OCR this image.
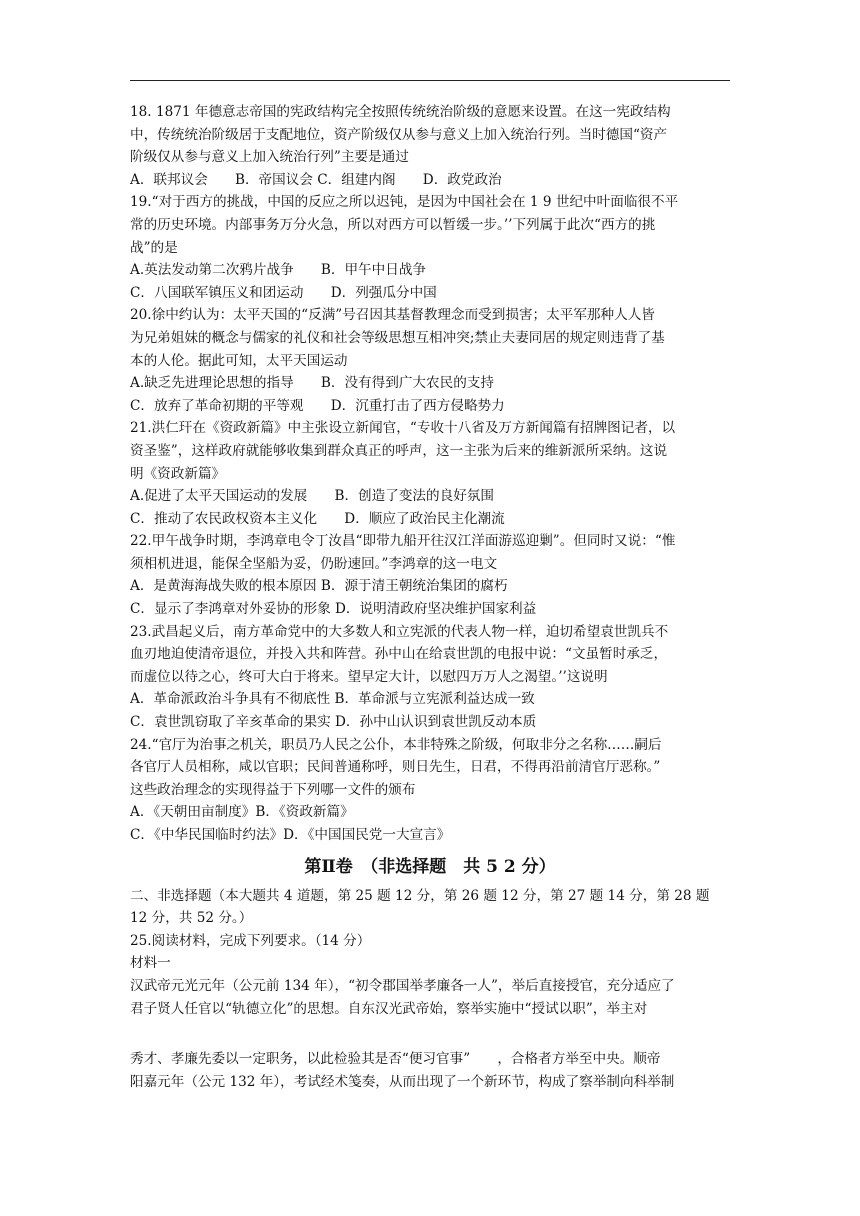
18. 1871 年德意志帝国的宪政结构完全按照传统统治阶级的意愿来设置。在这一宪政结构
中，传统统治阶级居于支配地位，资产阶级仅从参与意义上加入统治行列。当时德国“资产
阶级仅从参与意义上加入统治行列”主要是通过
A．联邦议会　　B．帝国议会 C．组建内阁　　D．政党政治
19.“对于西方的挑战，中国的反应之所以迟钝，是因为中国社会在 1 9 世纪中叶面临很不平
常的历史环境。内部事务万分火急，所以对西方可以暂缓一步。’’下列属于此次“西方的挑
战”的是
A.英法发动第二次鸦片战争　　B．甲午中日战争
C．八国联军镇压义和团运动　　D．列强瓜分中国
20.徐中约认为：太平天国的“反满”号召因其基督教理念而受到损害；太平军那种人人皆
为兄弟姐妹的概念与儒家的礼仪和社会等级思想互相冲突;禁止夫妻同居的规定则违背了基
本的人伦。据此可知，太平天国运动
A.缺乏先进理论思想的指导　　B．没有得到广大农民的支持
C．放弃了革命初期的平等观　　D．沉重打击了西方侵略势力
21.洪仁玕在《资政新篇》中主张设立新闻官，“专收十八省及万方新闻篇有招牌图记者，以
资圣鉴”，这样政府就能够收集到群众真正的呼声，这一主张为后来的维新派所采纳。这说
明《资政新篇》
A.促进了太平天国运动的发展　　B．创造了变法的良好氛围
C．推动了农民政权资本主义化　　D．顺应了政治民主化潮流
22.甲午战争时期，李鸿章电令丁汝昌“即带九船开往汉江洋面游巡迎剿”。但同时又说：“惟
须相机进退，能保全坚船为妥，仍盼速回。”李鸿章的这一电文
A．是黄海海战失败的根本原因 B．源于清王朝统治集团的腐朽
C．显示了李鸿章对外妥协的形象 D．说明清政府坚决维护国家利益
23.武昌起义后，南方革命党中的大多数人和立宪派的代表人物一样，迫切希望袁世凯兵不
血刃地迫使清帝退位，并投入共和阵营。孙中山在给袁世凯的电报中说：“文虽暂时承乏，
而虚位以待之心，终可大白于将来。望早定大计，以慰四万万人之渴望。’’这说明
A．革命派政治斗争具有不彻底性 B．革命派与立宪派利益达成一致
C．袁世凯窃取了辛亥革命的果实 D．孙中山认识到袁世凯反动本质
24.“官厅为治事之机关，职员乃人民之公仆，本非特殊之阶级，何取非分之名称……嗣后
各官厅人员相称，咸以官职；民间普通称呼，则日先生，日君，不得再沿前清官厅恶称。”
这些政治理念的实现得益于下列哪一文件的颁布
A．《天朝田亩制度》B．《资政新篇》
C．《中华民国临时约法》D．《中国国民党一大宣言》
第Ⅱ卷　（非选择题　共 5 2 分）
二、非选择题（本大题共 4 道题，第 25 题 12 分，第 26 题 12 分，第 27 题 14 分，第 28 题
12 分，共 52 分。）
25.阅读材料，完成下列要求。（14 分）
材料一
汉武帝元光元年（公元前 134 年），“初令郡国举孝廉各一人”，举后直接授官，充分适应了
君子贤人任官以“轨德立化”的思想。自东汉光武帝始，察举实施中“授试以职”，举主对
秀才、孝廉先委以一定职务，以此检验其是否“便习官事”　　，合格者方举至中央。顺帝
阳嘉元年（公元 132 年），考试经术笺奏，从而出现了一个新环节，构成了察举制向科举制
